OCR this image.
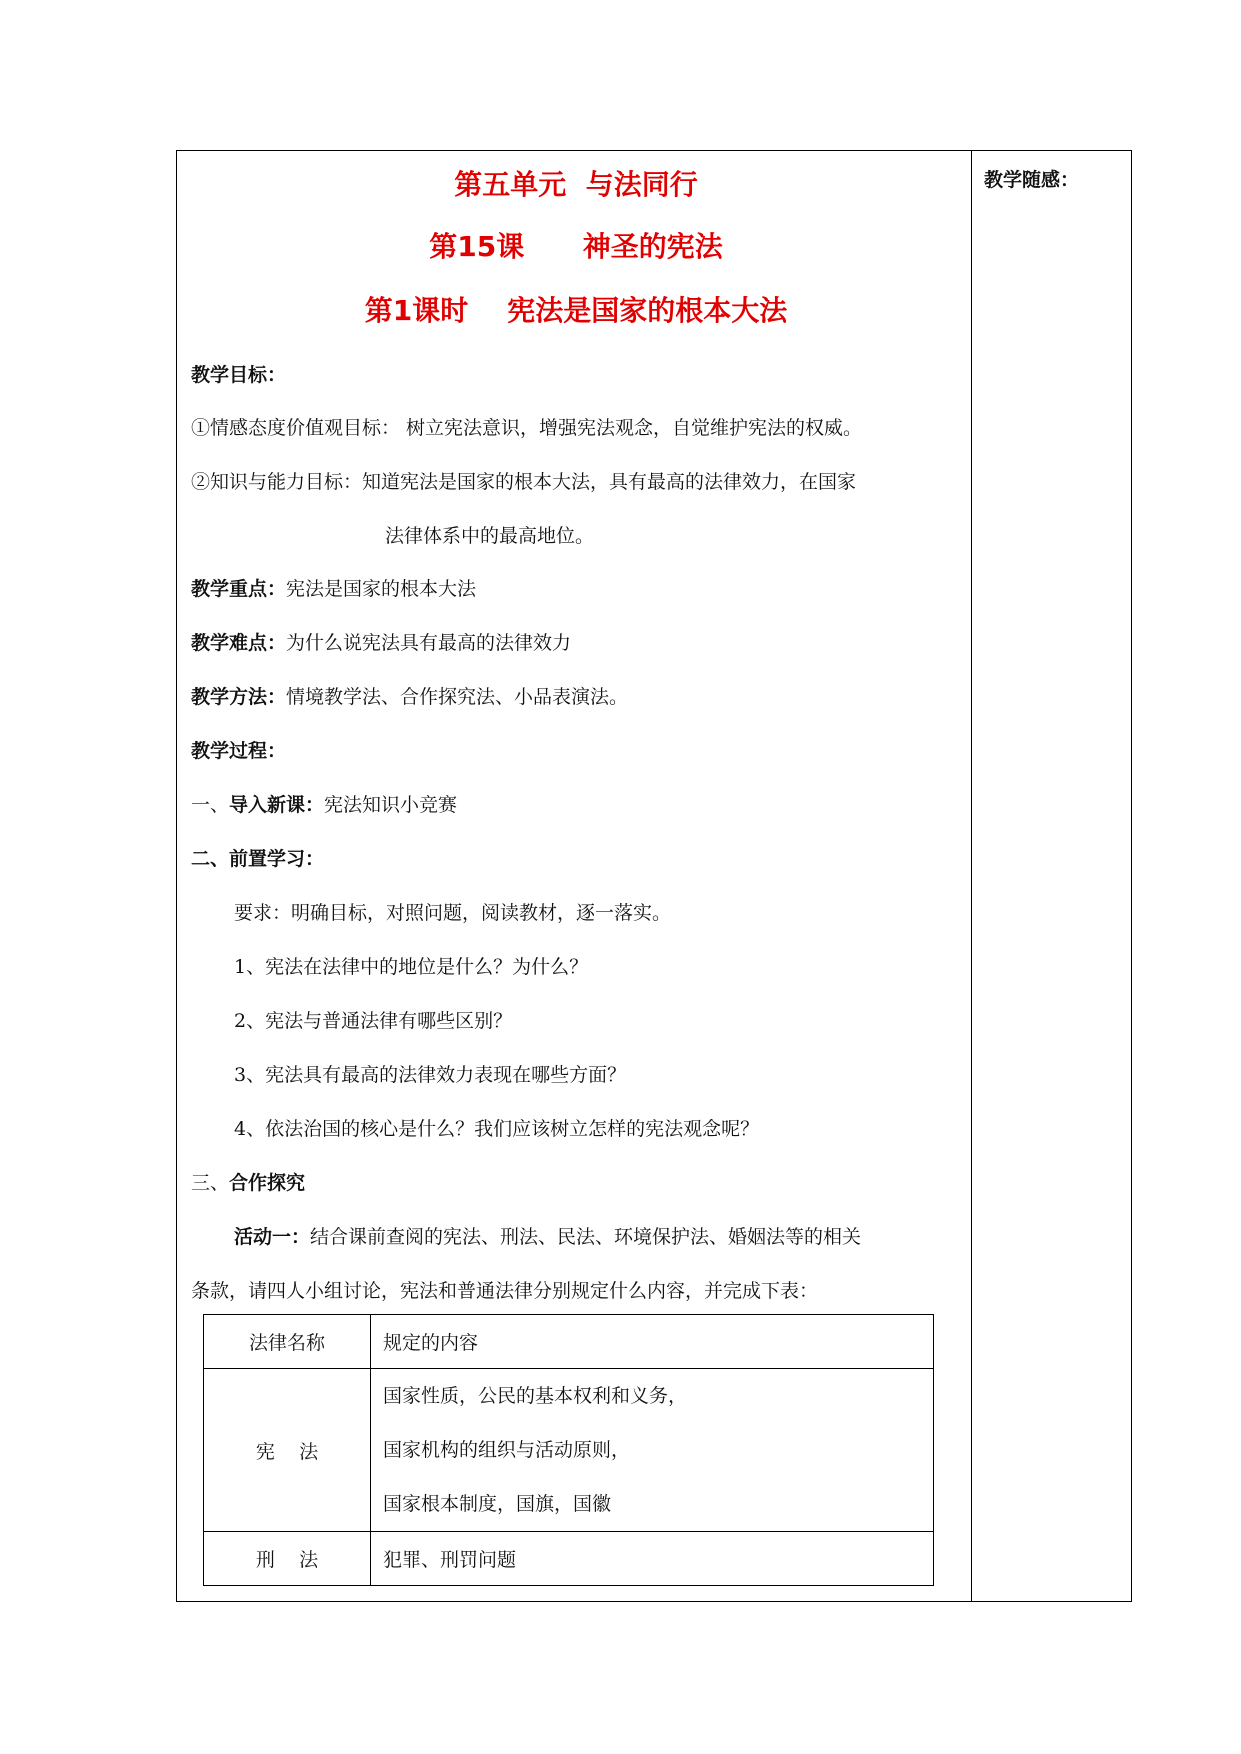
教学随感：
第五单元  与法同行
第15课      神圣的宪法
第1课时    宪法是国家的根本大法
教学目标：
①情感态度价值观目标： 树立宪法意识，增强宪法观念，自觉维护宪法的权威。
②知识与能力目标：知道宪法是国家的根本大法，具有最高的法律效力，在国家
法律体系中的最高地位。
教学重点：宪法是国家的根本大法
教学难点：为什么说宪法具有最高的法律效力
教学方法：情境教学法、合作探究法、小品表演法。
教学过程：
一、导入新课：宪法知识小竞赛
二、前置学习：
要求：明确目标，对照问题，阅读教材，逐一落实。
1、宪法在法律中的地位是什么？为什么？
2、宪法与普通法律有哪些区别？
3、宪法具有最高的法律效力表现在哪些方面？
4、依法治国的核心是什么？我们应该树立怎样的宪法观念呢？
三、合作探究
活动一：结合课前查阅的宪法、刑法、民法、环境保护法、婚姻法等的相关
条款，请四人小组讨论，宪法和普通法律分别规定什么内容，并完成下表：
法律名称	规定的内容
宪    法	国家性质，公民的基本权利和义务，
国家机构的组织与活动原则，
国家根本制度，国旗，国徽

刑    法	犯罪、刑罚问题
